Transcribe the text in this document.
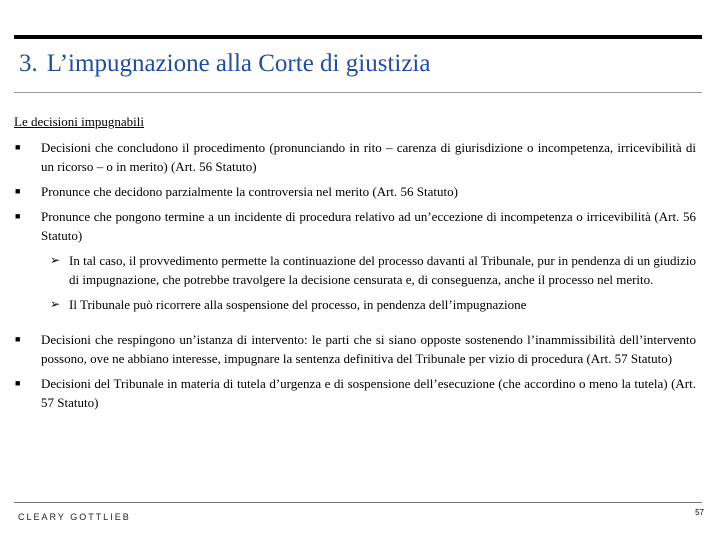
3. L’impugnazione alla Corte di giustizia
Le decisioni impugnabili
■ Decisioni che concludono il procedimento (pronunciando in rito – carenza di giurisdizione o incompetenza, irricevibilità di un ricorso – o in merito) (Art. 56 Statuto)
■ Pronunce che decidono parzialmente la controversia nel merito (Art. 56 Statuto)
■ Pronunce che pongono termine a un incidente di procedura relativo ad un’eccezione di incompetenza o irricevibilità (Art. 56 Statuto)
➢ In tal caso, il provvedimento permette la continuazione del processo davanti al Tribunale, pur in pendenza di un giudizio di impugnazione, che potrebbe travolgere la decisione censurata e, di conseguenza, anche il processo nel merito.
➢ Il Tribunale può ricorrere alla sospensione del processo, in pendenza dell’impugnazione
■ Decisioni che respingono un’istanza di intervento: le parti che si siano opposte sostenendo l’inammissibilità dell’intervento possono, ove ne abbiano interesse, impugnare la sentenza definitiva del Tribunale per vizio di procedura (Art. 57 Statuto)
■ Decisioni del Tribunale in materia di tutela d’urgenza e di sospensione dell’esecuzione (che accordino o meno la tutela) (Art. 57 Statuto)
CLEARY GOTTLIEB	57
